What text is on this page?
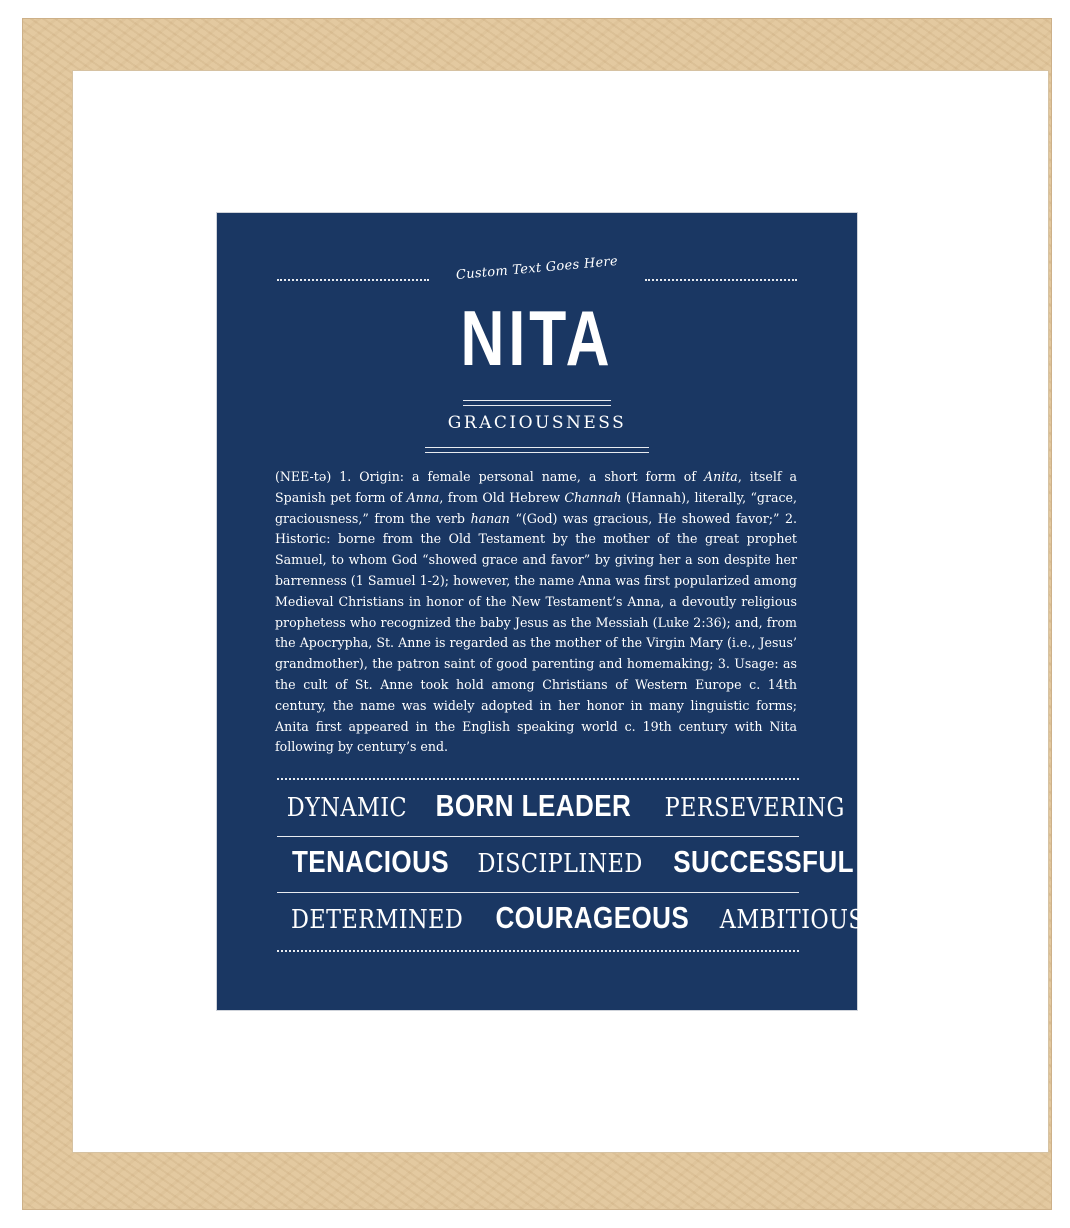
Custom Text Goes Here
NITA
GRACIOUSNESS
(NEE-tə) 1. Origin: a female personal name, a short form of Anita, itself a Spanish pet form of Anna, from Old Hebrew Channah (Hannah), literally, “grace, graciousness,” from the verb hanan “(God) was gracious, He showed favor;” 2. Historic: borne from the Old Testament by the mother of the great prophet Samuel, to whom God “showed grace and favor” by giving her a son despite her barrenness (1 Samuel 1-2); however, the name Anna was first popularized among Medieval Christians in honor of the New Testament’s Anna, a devoutly religious prophetess who recognized the baby Jesus as the Messiah (Luke 2:36); and, from the Apocrypha, St. Anne is regarded as the mother of the Virgin Mary (i.e., Jesus’ grandmother), the patron saint of good parenting and homemaking; 3. Usage: as the cult of St. Anne took hold among Christians of Western Europe c. 14th century, the name was widely adopted in her honor in many linguistic forms; Anita first appeared in the English speaking world c. 19th century with Nita following by century’s end.
DYNAMIC BORN LEADER PERSEVERING
TENACIOUS DISCIPLINED SUCCESSFUL
DETERMINED COURAGEOUS AMBITIOUS
